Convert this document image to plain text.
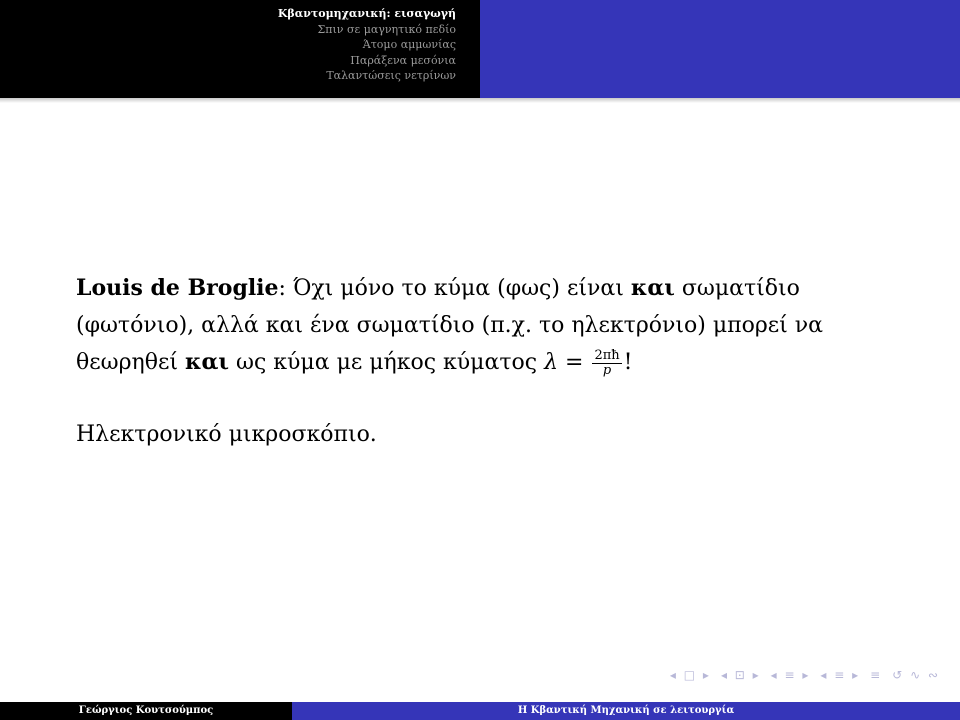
Κβαντομηχανική: εισαγωγή
Σπιν σε μαγνητικό πεδίο
Άτομο αμμωνίας
Παράξενα μεσόνια
Ταλαντώσεις νετρίνων

Louis de Broglie: Όχι μόνο το κύμα (φως) είναι και σωματίδιο (φωτόνιο), αλλά και ένα σωματίδιο (π.χ. το ηλεκτρόνιο) μπορεί να θεωρηθεί και ως κύμα με μήκος κύματος $\lambda = \frac{2\pi ħ}{p}$ !

Ηλεκτρονικό μικροσκόπιο.

◂ □ ▸ ◂ ⊡ ▸ ◂ ≡ ▸ ◂ ≡ ▸ ≡ ↺ ∿ ∾
Γεώργιος Κουτσούμπος	Η Κβαντική Μηχανική σε λειτουργία
